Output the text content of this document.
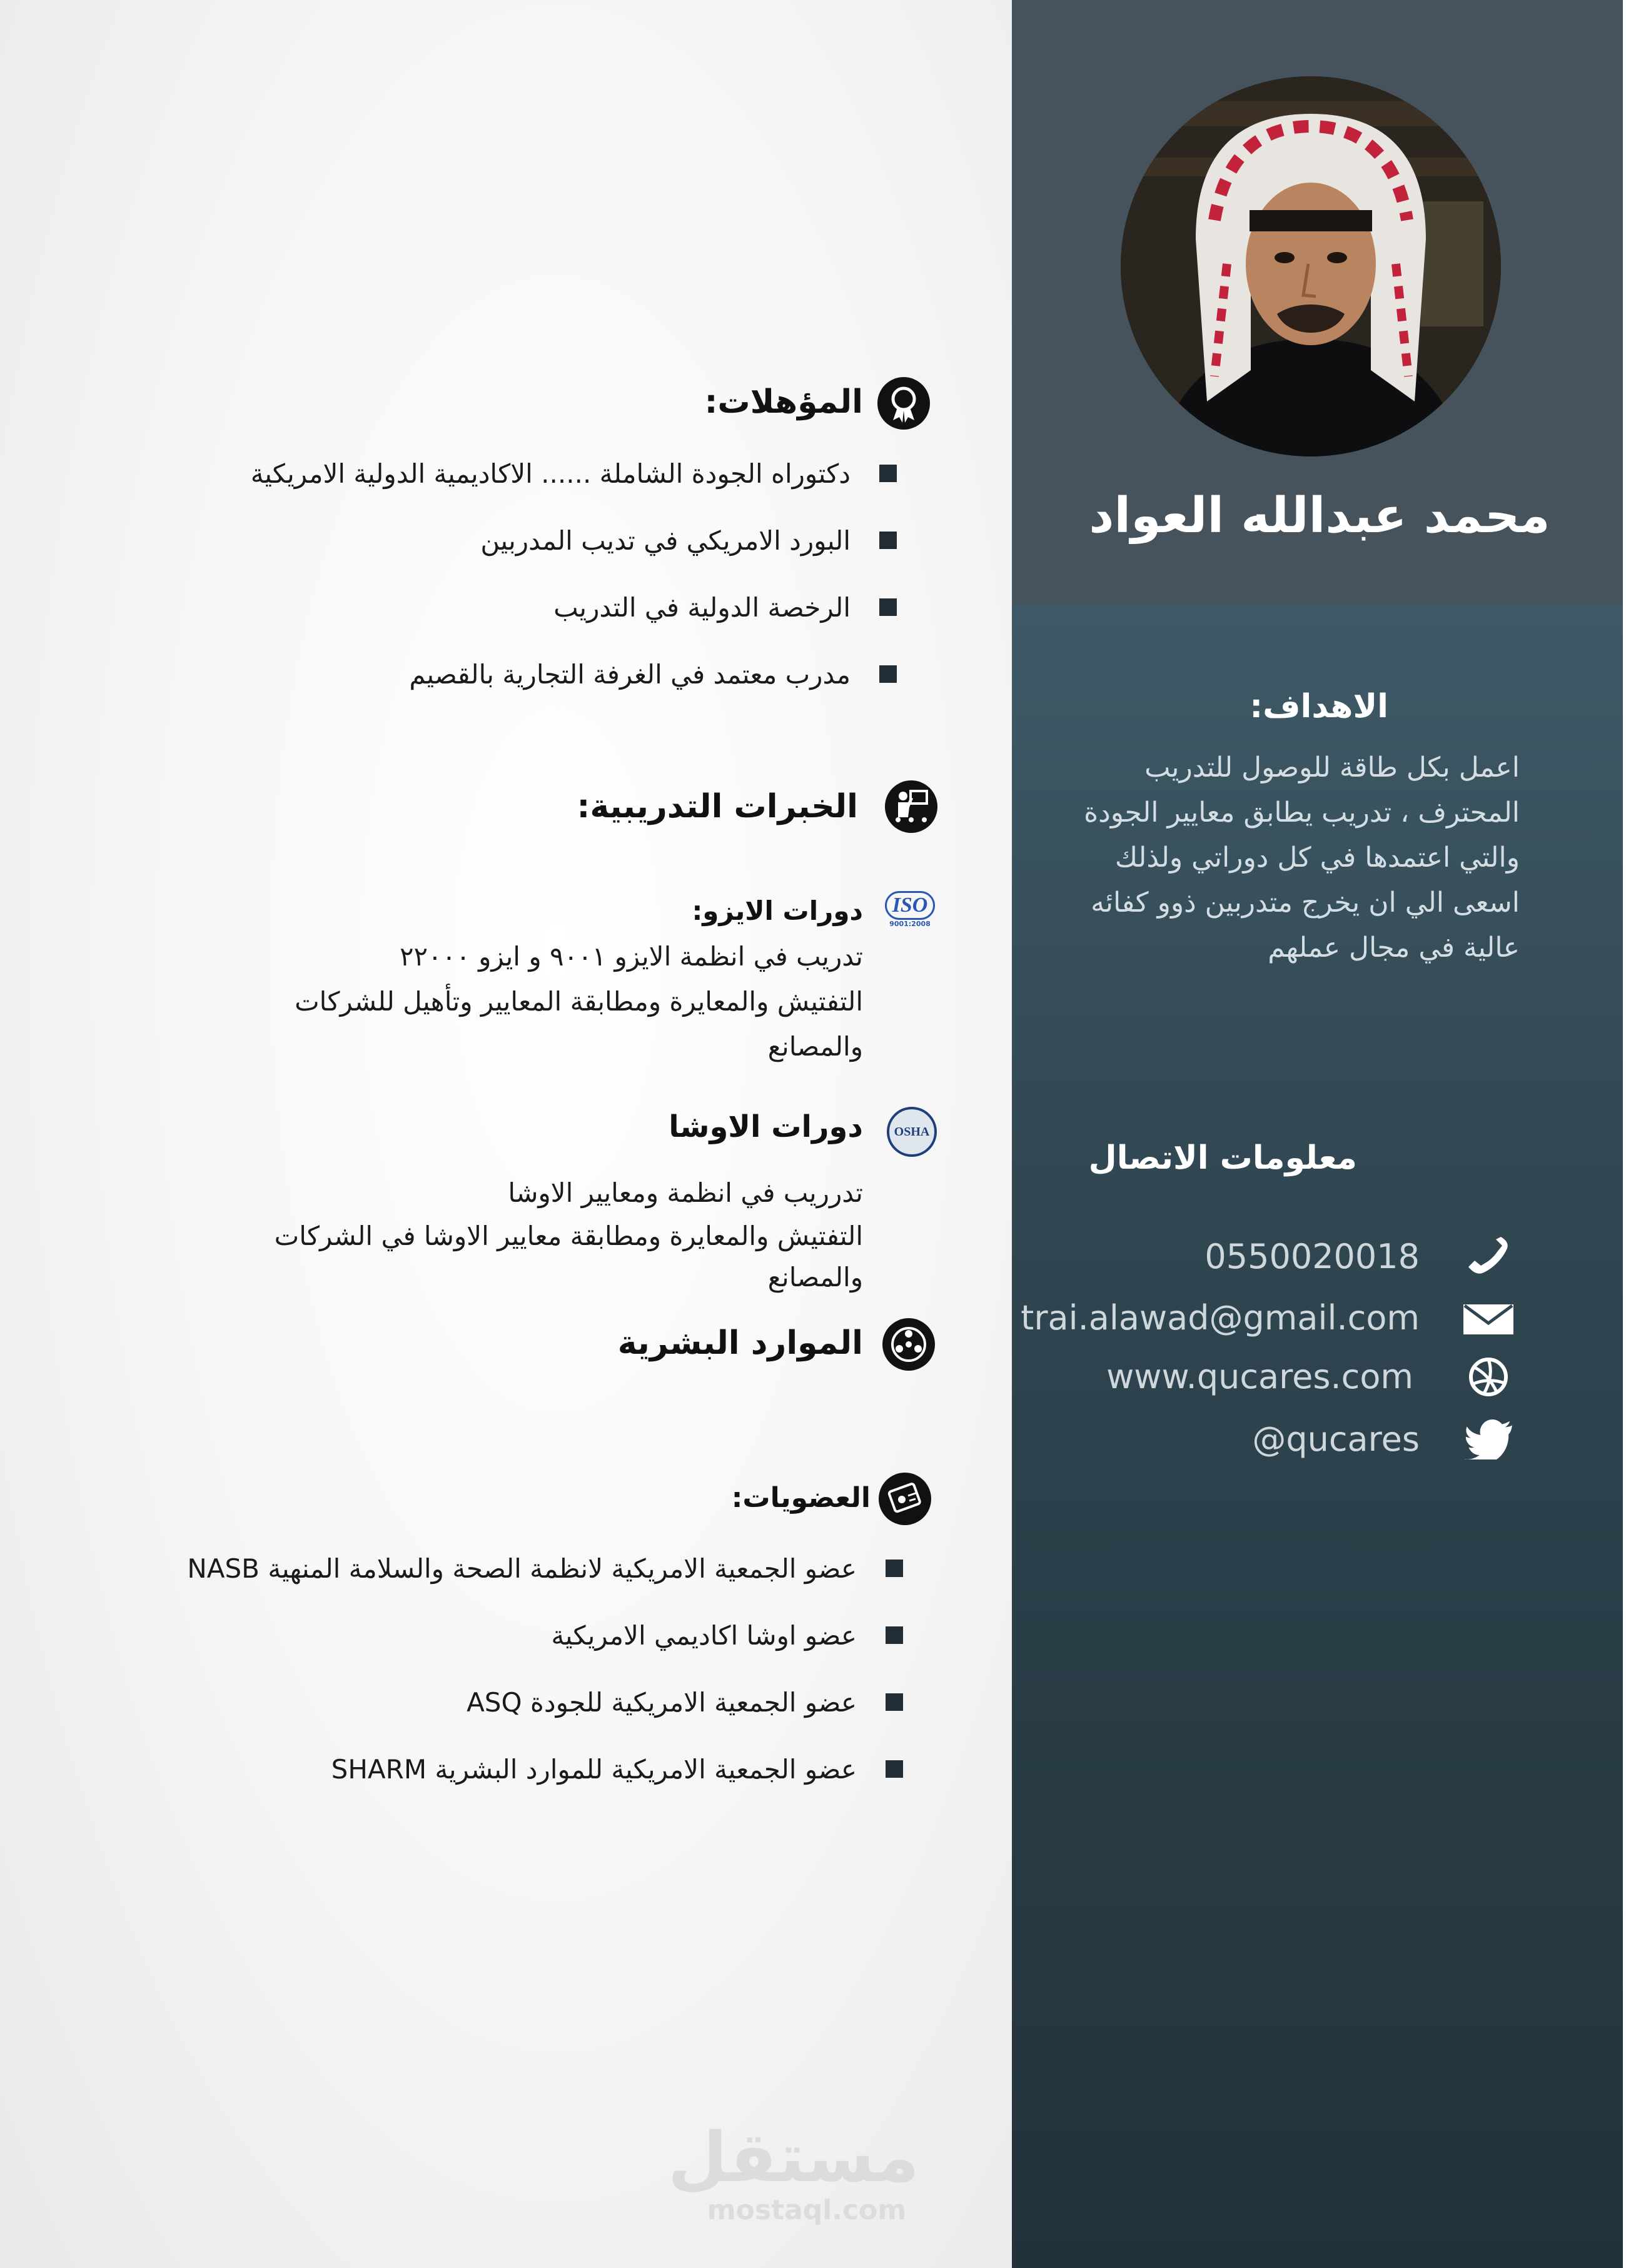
محمد عبدالله العواد
الاهداف:
اعمل بكل طاقة للوصول للتدريب المحترف ، تدريب يطابق معايير الجودة والتي اعتمدها في كل دوراتي ولذلك اسعى الي ان يخرج متدربين ذوو كفائه عالية في مجال عملهم
معلومات الاتصال
0550020018
trai.alawad@gmail.com
www.qucares.com
@qucares
المؤهلات:
دكتوراه الجودة الشاملة ...... الاكاديمية الدولية الامريكية
البورد الامريكي في تديب المدربين
الرخصة الدولية في التدريب
مدرب معتمد في الغرفة التجارية بالقصيم
الخبرات التدريبية:
ISO
9001:2008
دورات الايزو:
تدريب في انظمة الايزو ٩٠٠١ و ايزو ٢٢٠٠٠
التفتيش والمعايرة ومطابقة المعايير وتأهيل للشركات والمصانع
OSHA
دورات الاوشا
تدرريب في انظمة ومعايير الاوشا
التفتيش والمعايرة ومطابقة معايير الاوشا في الشركات والمصانع
الموارد البشرية
العضويات:
عضو الجمعية الامريكية لانظمة الصحة والسلامة المنهية NASB
عضو اوشا اكاديمي الامريكية
عضو الجمعية الامريكية للجودة ASQ
عضو الجمعية الامريكية للموارد البشرية SHARM
مستقل
mostaql.com
